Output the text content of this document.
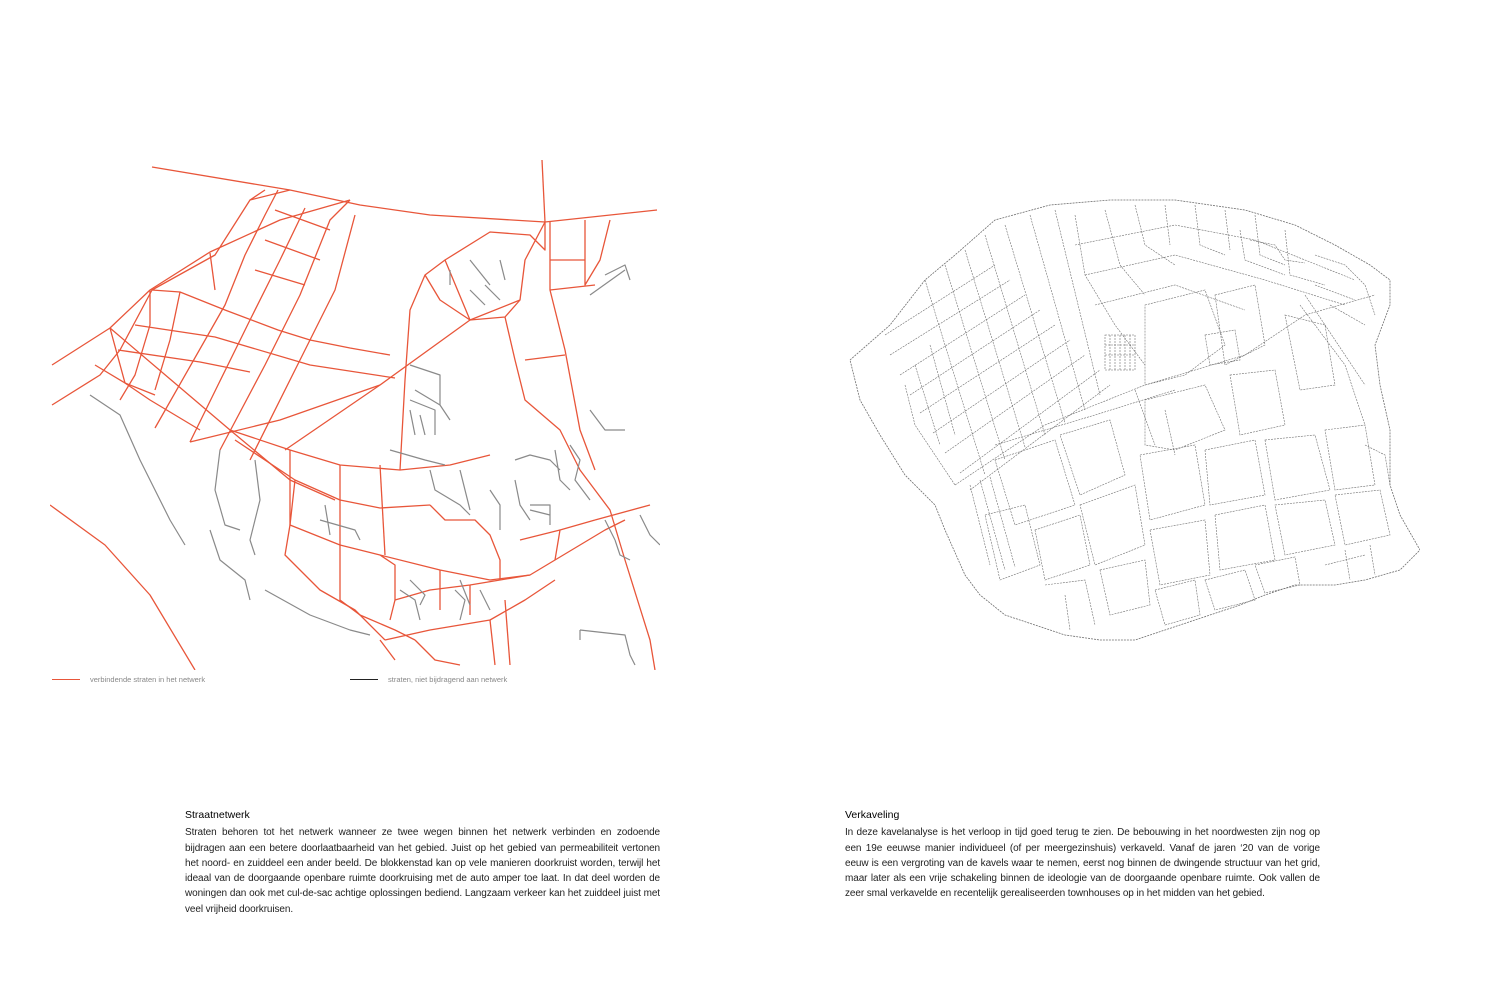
verbindende straten in het netwerk	straten, niet bijdragend aan netwerk
Straatnetwerk

Straten behoren tot het netwerk wanneer ze twee wegen binnen het netwerk verbinden en zodoende bijdragen aan een betere doorlaatbaarheid van het gebied. Juist op het gebied van permeabiliteit vertonen het noord- en zuiddeel een ander beeld. De blokkenstad kan op vele manieren doorkruist worden, terwijl het ideaal van de doorgaande openbare ruimte doorkruising met de auto amper toe laat. In dat deel worden de woningen dan ook met cul-de-sac achtige oplossingen bediend. Langzaam verkeer kan het zuiddeel juist met veel vrijheid doorkruisen.

Verkaveling

In deze kavelanalyse is het verloop in tijd goed terug te zien. De bebouwing in het noordwesten zijn nog op een 19e eeuwse manier individueel (of per meergezinshuis) verkaveld. Vanaf de jaren ‘20 van de vorige eeuw is een vergroting van de kavels waar te nemen, eerst nog binnen de dwingende structuur van het grid, maar later als een vrije schakeling binnen de ideologie van de doorgaande openbare ruimte. Ook vallen de zeer smal verkavelde en recentelijk gerealiseerden townhouses op in het midden van het gebied.
